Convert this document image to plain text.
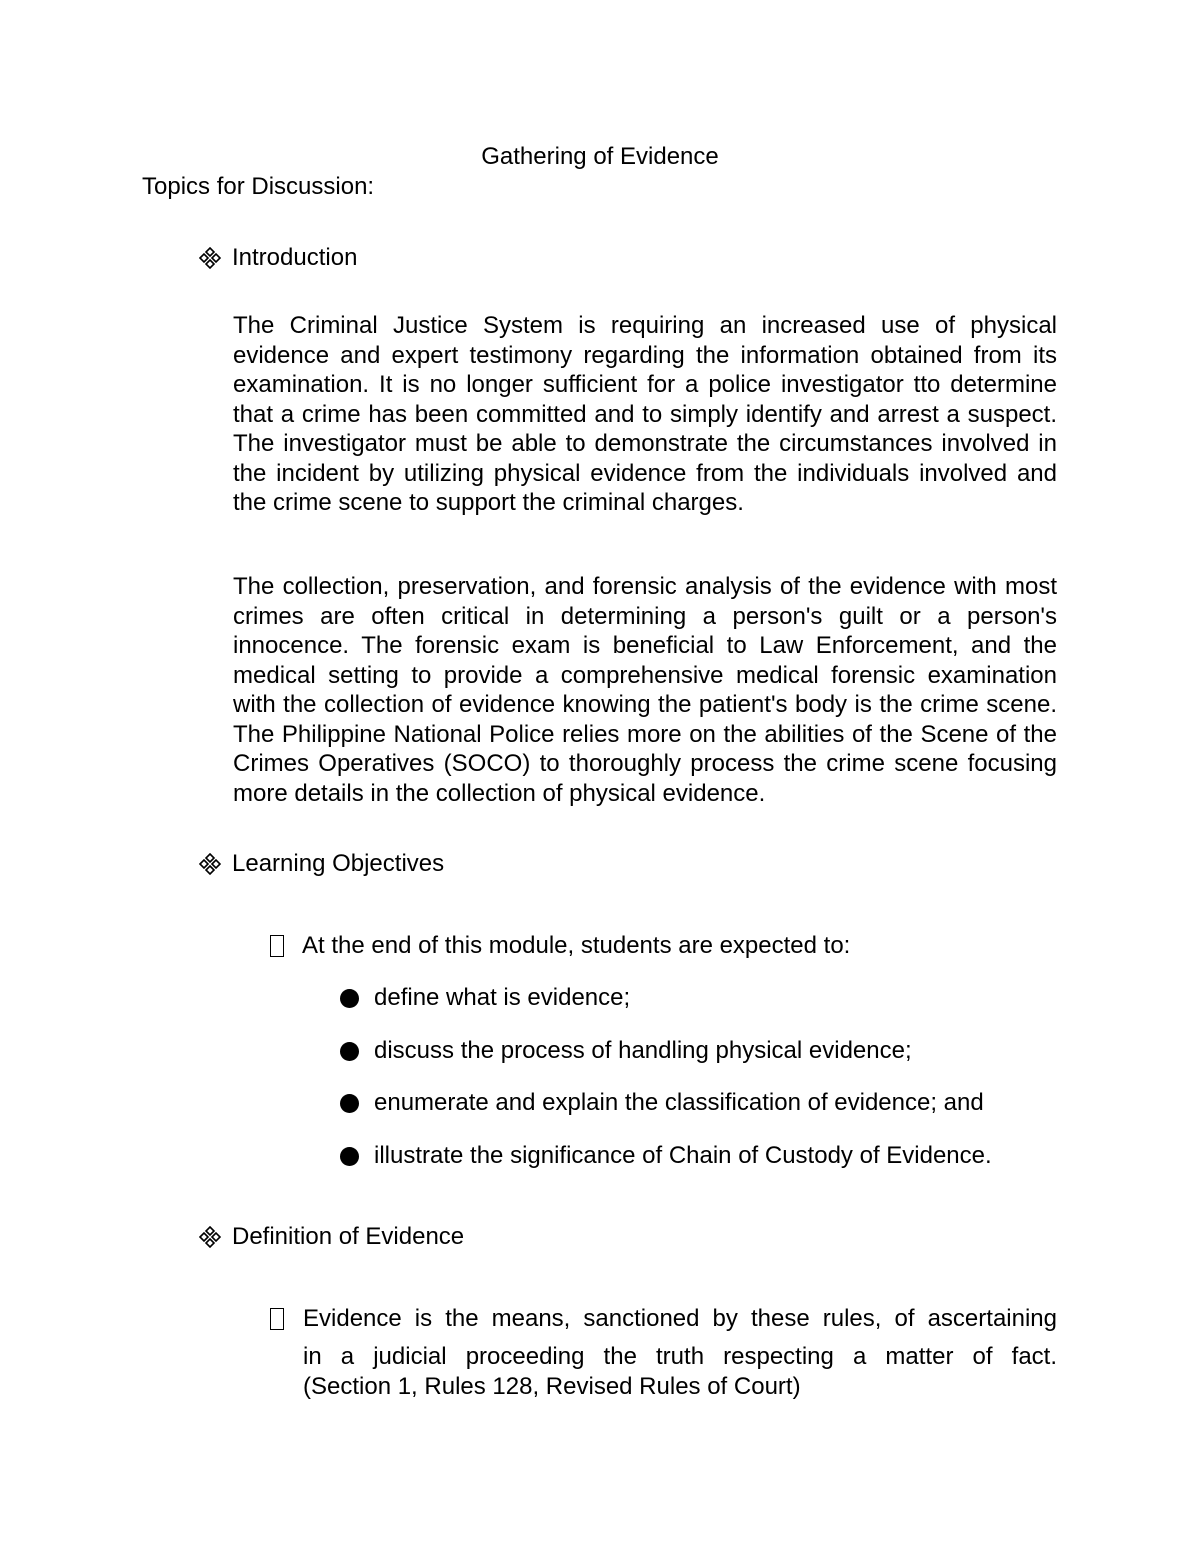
Gathering of Evidence
Topics for Discussion:
Introduction

The Criminal Justice System is requiring an increased use of physical evidence and expert testimony regarding the information obtained from its examination. It is no longer sufficient for a police investigator tto determine that a crime has been committed and to simply identify and arrest a suspect. The investigator must be able to demonstrate the circumstances involved in the incident by utilizing physical evidence from the individuals involved and the crime scene to support the criminal charges.

The collection, preservation, and forensic analysis of the evidence with most crimes are often critical in determining a person's guilt or a person's innocence. The forensic exam is beneficial to Law Enforcement, and the medical setting to provide a comprehensive medical forensic examination with the collection of evidence knowing the patient's body is the crime scene. The Philippine National Police relies more on the abilities of the Scene of the Crimes Operatives (SOCO) to thoroughly process the crime scene focusing more details in the collection of physical evidence.

Learning Objectives
At the end of this module, students are expected to:
define what is evidence;
discuss the process of handling physical evidence;
enumerate and explain the classification of evidence; and
illustrate the significance of Chain of Custody of Evidence.
Definition of Evidence
Evidence is the means, sanctioned by these rules, of ascertaining
in a judicial proceeding the truth respecting a matter of fact.
(Section 1, Rules 128, Revised Rules of Court)
